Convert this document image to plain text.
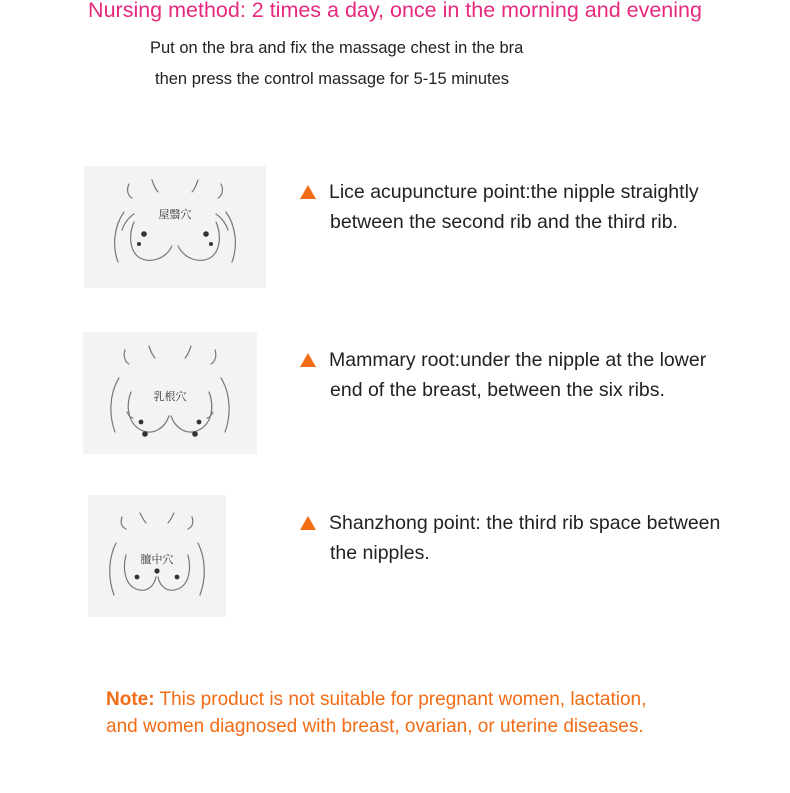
Nursing method: 2 times a day, once in the morning and evening
Put on the bra and fix the massage chest in the bra
then press the control massage for 5-15 minutes
屋翳穴
Lice acupuncture point:the nipple straightly
between the second rib and the third rib.
乳根穴
Mammary root:under the nipple at the lower
end of the breast, between the six ribs.
膻中穴
Shanzhong point: the third rib space between
the nipples.
Note: This product is not suitable for pregnant women, lactation,
and women diagnosed with breast, ovarian, or uterine diseases.
